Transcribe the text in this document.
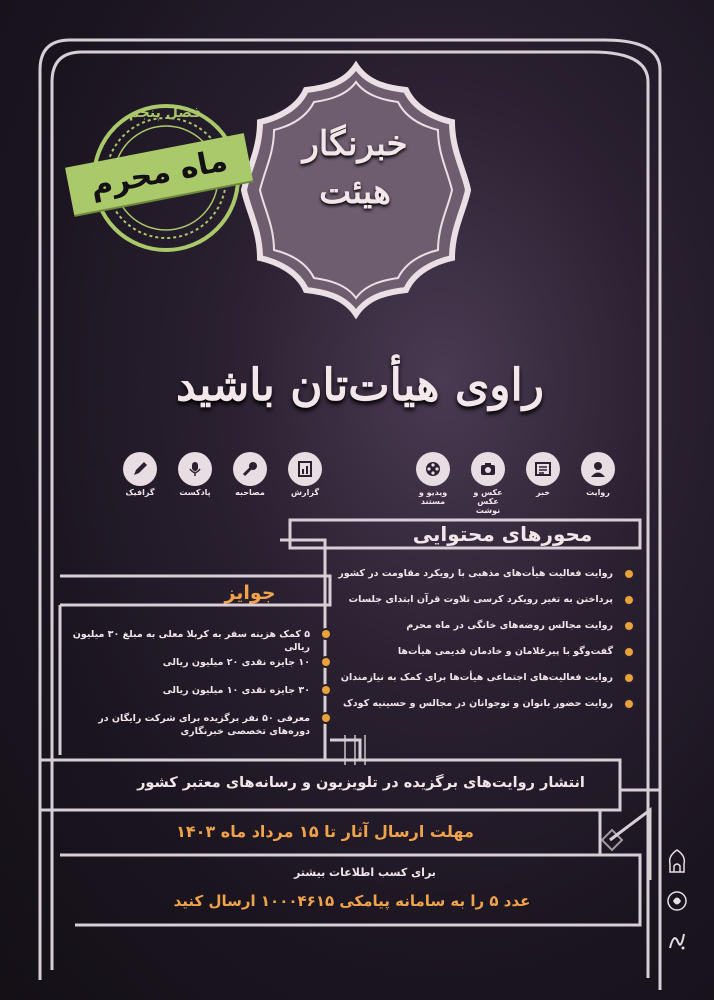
خبرنگار
هیئت
فصل پنجم
ماه محرم
راوی هیأت‌تان باشید
روایت
خبر
عکس و عکس نوشت
ویدیو و مستند
گزارش
مصاحبه
پادکست
گرافیک
محورهای محتوایی
روایت فعالیت هیأت‌های مذهبی با رویکرد مقاومت در کشور
پرداختن به تغیر رویکرد کرسی تلاوت قرآن ابتدای جلسات
روایت مجالس روضه‌های خانگی در ماه محرم
گفت‌وگو با پیرغلامان و خادمان قدیمی هیأت‌ها
روایت فعالیت‌های اجتماعی هیأت‌ها برای کمک به نیازمندان
روایت حضور بانوان و نوجوانان در مجالس و حسینیه کودک
جوایز
۵ کمک هزینه سفر به کربلا معلی به مبلغ ۳۰ میلیون ریالی
۱۰ جایزه نقدی ۲۰ میلیون ریالی
۳۰ جایزه نقدی ۱۰ میلیون ریالی
معرفی ۵۰ نفر برگزیده برای شرکت رایگان در دوره‌های تخصصی خبرنگاری
انتشار روایت‌های برگزیده در تلویزیون و رسانه‌های معتبر کشور
مهلت ارسال آثار تا ۱۵ مرداد ماه ۱۴۰۳
برای کسب اطلاعات بیشتر
عدد ۵ را به سامانه پیامکی ۱۰۰۰۴۶۱۵ ارسال کنید
